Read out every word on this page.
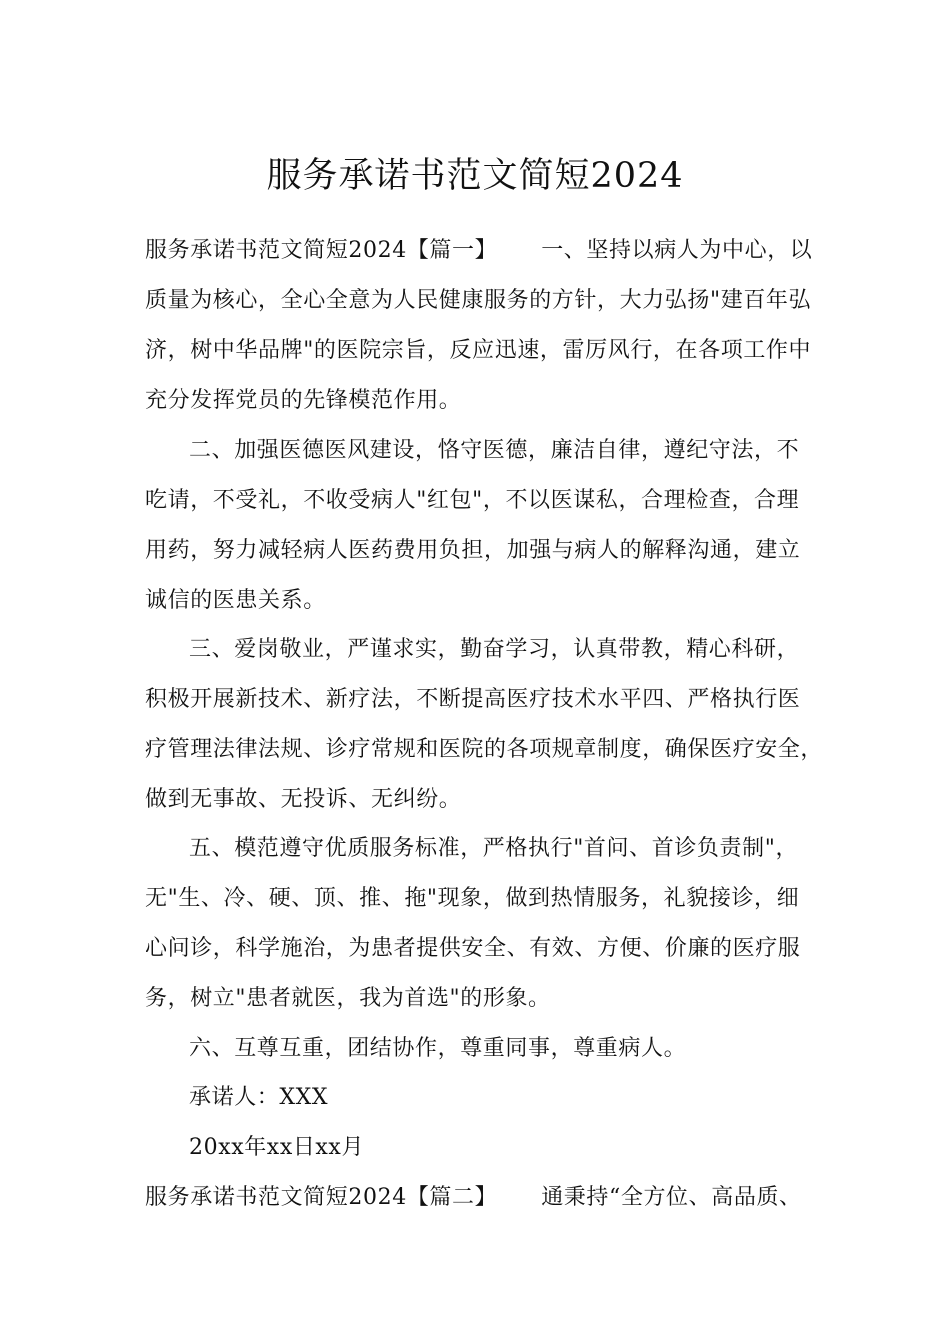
服务承诺书范文简短2024
服务承诺书范文简短2024【篇一】 一、坚持以病人为中心，以
质量为核心，全心全意为人民健康服务的方针，大力弘扬"建百年弘
济，树中华品牌"的医院宗旨，反应迅速，雷厉风行，在各项工作中
充分发挥党员的先锋模范作用。
二、加强医德医风建设，恪守医德，廉洁自律，遵纪守法，不
吃请，不受礼，不收受病人"红包"，不以医谋私，合理检查，合理
用药，努力减轻病人医药费用负担，加强与病人的解释沟通，建立
诚信的医患关系。
三、爱岗敬业，严谨求实，勤奋学习，认真带教，精心科研，
积极开展新技术、新疗法，不断提高医疗技术水平四、严格执行医
疗管理法律法规、诊疗常规和医院的各项规章制度，确保医疗安全，
做到无事故、无投诉、无纠纷。
五、模范遵守优质服务标准，严格执行"首问、首诊负责制"，
无"生、冷、硬、顶、推、拖"现象，做到热情服务，礼貌接诊，细
心问诊，科学施治，为患者提供安全、有效、方便、价廉的医疗服
务，树立"患者就医，我为首选"的形象。
六、互尊互重，团结协作，尊重同事，尊重病人。
承诺人：XXX
20xx年xx日xx月
服务承诺书范文简短2024【篇二】 通秉持“全方位、高品质、
